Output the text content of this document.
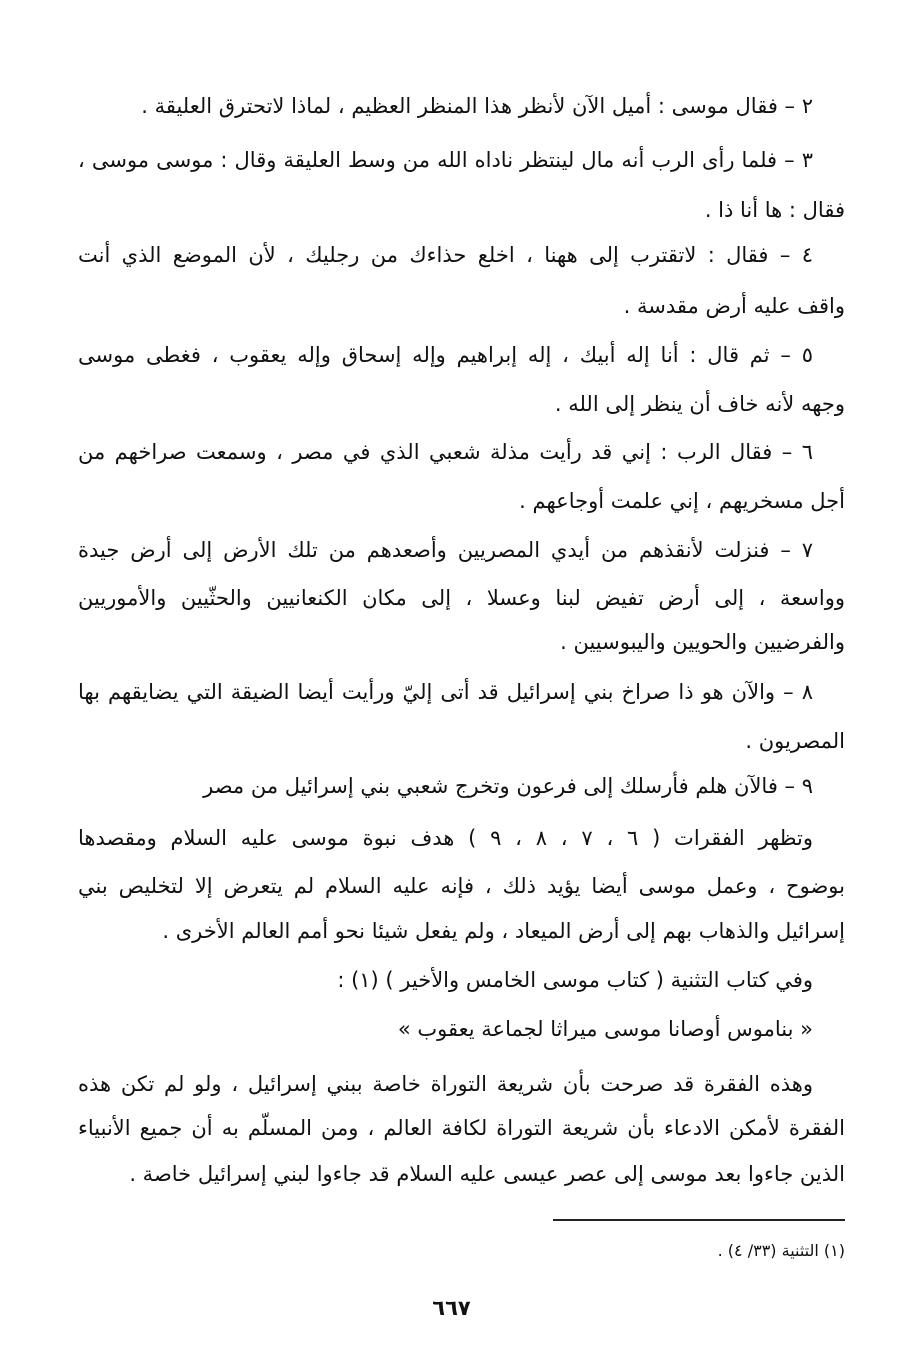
٢ – فقال موسى : أميل الآن لأنظر هذا المنظر العظيم ، لماذا لاتحترق العليقة .
٣ – فلما رأى الرب أنه مال لينتظر ناداه الله من وسط العليقة وقال : موسى موسى ،
فقال : ها أنا ذا .
٤ – فقال : لاتقترب إلى ههنا ، اخلع حذاءك من رجليك ، لأن الموضع الذي أنت
واقف عليه أرض مقدسة .
٥ – ثم قال : أنا إله أبيك ، إله إبراهيم وإله إسحاق وإله يعقوب ، فغطى موسى
وجهه لأنه خاف أن ينظر إلى الله .
٦ – فقال الرب : إني قد رأيت مذلة شعبي الذي في مصر ، وسمعت صراخهم من
أجل مسخريهم ، إني علمت أوجاعهم .
٧ – فنزلت لأنقذهم من أيدي المصريين وأصعدهم من تلك الأرض إلى أرض جيدة
وواسعة ، إلى أرض تفيض لبنا وعسلا ، إلى مكان الكنعانيين والحثّيين والأموريين
والفرضيين والحويين واليبوسيين .
٨ – والآن هو ذا صراخ بني إسرائيل قد أتى إليّ ورأيت أيضا الضيقة التي يضايقهم بها
المصريون .
٩ – فالآن هلم فأرسلك إلى فرعون وتخرج شعبي بني إسرائيل من مصر
وتظهر الفقرات ( ٦ ، ٧ ، ٨ ، ٩ ) هدف نبوة موسى عليه السلام ومقصدها
بوضوح ، وعمل موسى أيضا يؤيد ذلك ، فإنه عليه السلام لم يتعرض إلا لتخليص بني
إسرائيل والذهاب بهم إلى أرض الميعاد ، ولم يفعل شيئا نحو أمم العالم الأخرى .
وفي كتاب التثنية ( كتاب موسى الخامس والأخير ) (١) :
« بناموس أوصانا موسى ميراثا لجماعة يعقوب »
وهذه الفقرة قد صرحت بأن شريعة التوراة خاصة ببني إسرائيل ، ولو لم تكن هذه
الفقرة لأمكن الادعاء بأن شريعة التوراة لكافة العالم ، ومن المسلّم به أن جميع الأنبياء
الذين جاءوا بعد موسى إلى عصر عيسى عليه السلام قد جاءوا لبني إسرائيل خاصة .
(١) التثنية (٣٣/ ٤) .
٦٦٧
